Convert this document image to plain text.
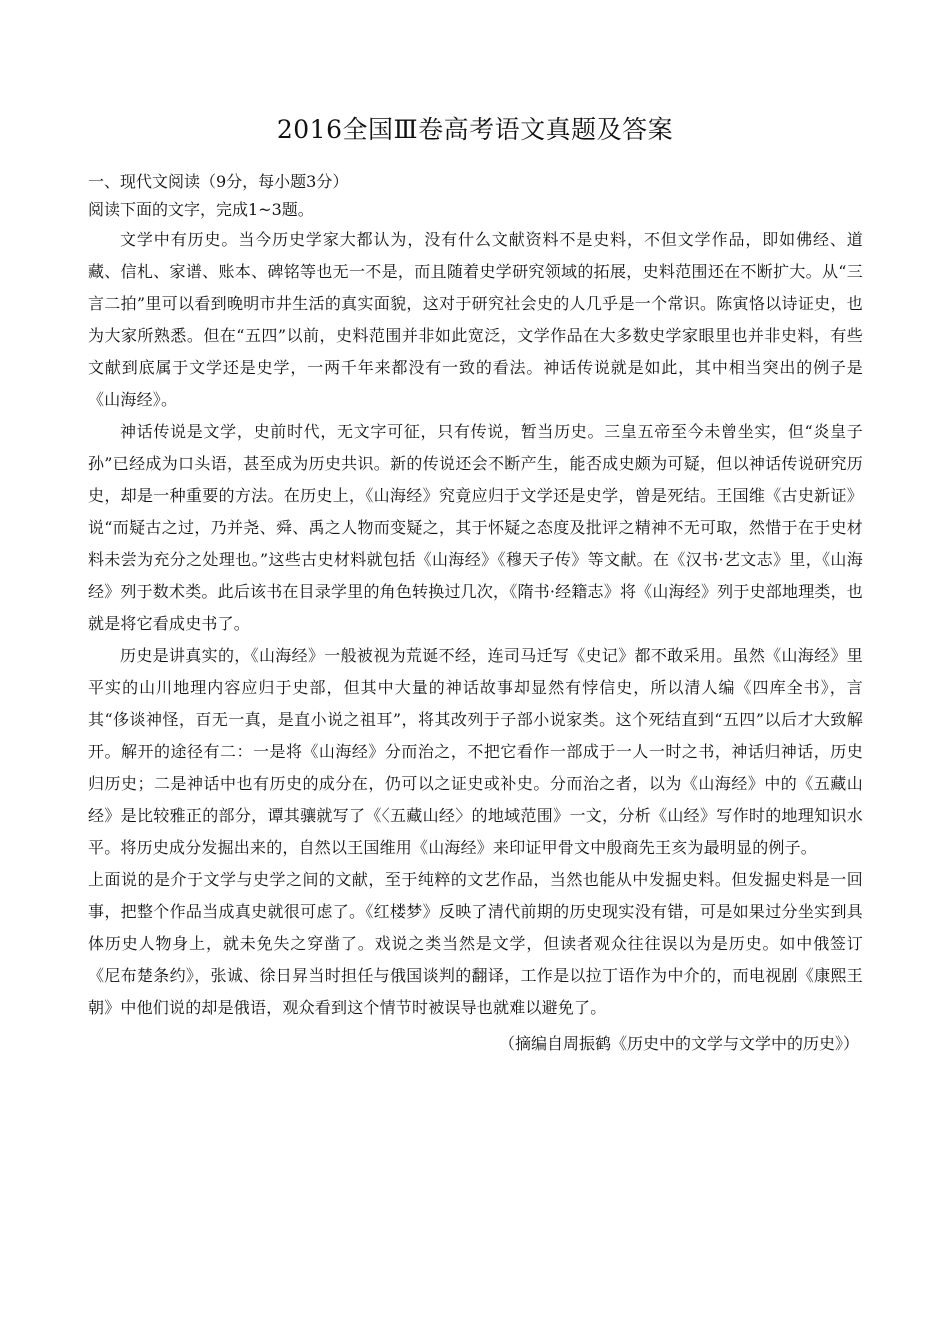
2016全国Ⅲ卷高考语文真题及答案

一、现代文阅读（9分，每小题3分）

阅读下面的文字，完成1~3题。

文学中有历史。当今历史学家大都认为，没有什么文献资料不是史料，不但文学作品，即如佛经、道藏、信札、家谱、账本、碑铭等也无一不是，而且随着史学研究领域的拓展，史料范围还在不断扩大。从“三言二拍”里可以看到晚明市井生活的真实面貌，这对于研究社会史的人几乎是一个常识。陈寅恪以诗证史，也为大家所熟悉。但在“五四”以前，史料范围并非如此宽泛，文学作品在大多数史学家眼里也并非史料，有些文献到底属于文学还是史学，一两千年来都没有一致的看法。神话传说就是如此，其中相当突出的例子是《山海经》。

神话传说是文学，史前时代，无文字可征，只有传说，暂当历史。三皇五帝至今未曾坐实，但“炎皇子孙”已经成为口头语，甚至成为历史共识。新的传说还会不断产生，能否成史颇为可疑，但以神话传说研究历史，却是一种重要的方法。在历史上，《山海经》究竟应归于文学还是史学，曾是死结。王国维《古史新证》说“而疑古之过，乃并尧、舜、禹之人物而变疑之，其于怀疑之态度及批评之精神不无可取，然惜于在于史材料未尝为充分之处理也。”这些古史材料就包括《山海经》《穆天子传》等文献。在《汉书·艺文志》里，《山海经》列于数术类。此后该书在目录学里的角色转换过几次，《隋书·经籍志》将《山海经》列于史部地理类，也就是将它看成史书了。

历史是讲真实的，《山海经》一般被视为荒诞不经，连司马迁写《史记》都不敢采用。虽然《山海经》里平实的山川地理内容应归于史部，但其中大量的神话故事却显然有悖信史，所以清人编《四库全书》，言其“侈谈神怪，百无一真，是直小说之祖耳”，将其改列于子部小说家类。这个死结直到“五四”以后才大致解开。解开的途径有二：一是将《山海经》分而治之，不把它看作一部成于一人一时之书，神话归神话，历史归历史；二是神话中也有历史的成分在，仍可以之证史或补史。分而治之者，以为《山海经》中的《五藏山经》是比较雅正的部分，谭其骧就写了《〈五藏山经〉的地域范围》一文，分析《山经》写作时的地理知识水平。将历史成分发掘出来的，自然以王国维用《山海经》来印证甲骨文中殷商先王亥为最明显的例子。

上面说的是介于文学与史学之间的文献，至于纯粹的文艺作品，当然也能从中发掘史料。但发掘史料是一回事，把整个作品当成真史就很可虑了。《红楼梦》反映了清代前期的历史现实没有错，可是如果过分坐实到具体历史人物身上，就未免失之穿凿了。戏说之类当然是文学，但读者观众往往误以为是历史。如中俄签订《尼布楚条约》，张诚、徐日昇当时担任与俄国谈判的翻译，工作是以拉丁语作为中介的，而电视剧《康熙王朝》中他们说的却是俄语，观众看到这个情节时被误导也就难以避免了。

（摘编自周振鹤《历史中的文学与文学中的历史》）
